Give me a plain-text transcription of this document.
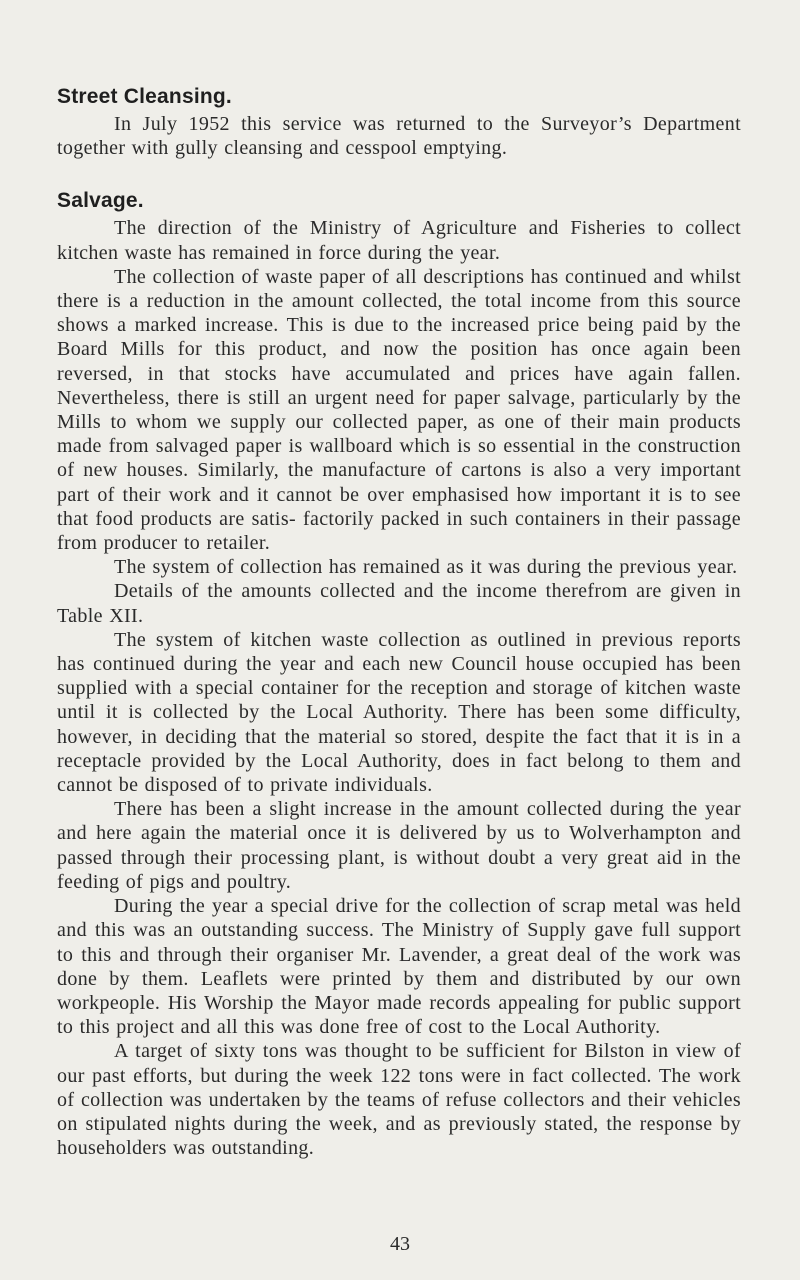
Street Cleansing.

In July 1952 this service was returned to the Surveyor’s Department together with gully cleansing and cesspool emptying.

Salvage.

The direction of the Ministry of Agriculture and Fisheries to collect kitchen waste has remained in force during the year.

The collection of waste paper of all descriptions has continued and whilst there is a reduction in the amount collected, the total income from this source shows a marked increase. This is due to the increased price being paid by the Board Mills for this product, and now the position has once again been reversed, in that stocks have accumulated and prices have again fallen. Nevertheless, there is still an urgent need for paper salvage, particularly by the Mills to whom we supply our collected paper, as one of their main products made from salvaged paper is wallboard which is so essential in the construction of new houses. Similarly, the manufacture of cartons is also a very important part of their work and it cannot be over emphasised how important it is to see that food products are satis- factorily packed in such containers in their passage from producer to retailer.

The system of collection has remained as it was during the previous year.

Details of the amounts collected and the income therefrom are given in Table XII.

The system of kitchen waste collection as outlined in previous reports has continued during the year and each new Council house occupied has been supplied with a special container for the reception and storage of kitchen waste until it is collected by the Local Authority. There has been some difficulty, however, in deciding that the material so stored, despite the fact that it is in a receptacle provided by the Local Authority, does in fact belong to them and cannot be disposed of to private individuals.

There has been a slight increase in the amount collected during the year and here again the material once it is delivered by us to Wolverhampton and passed through their processing plant, is without doubt a very great aid in the feeding of pigs and poultry.

During the year a special drive for the collection of scrap metal was held and this was an outstanding success. The Ministry of Supply gave full support to this and through their organiser Mr. Lavender, a great deal of the work was done by them. Leaflets were printed by them and distributed by our own workpeople. His Worship the Mayor made records appealing for public support to this project and all this was done free of cost to the Local Authority.

A target of sixty tons was thought to be sufficient for Bilston in view of our past efforts, but during the week 122 tons were in fact collected. The work of collection was undertaken by the teams of refuse collectors and their vehicles on stipulated nights during the week, and as previously stated, the response by householders was outstanding.

43
